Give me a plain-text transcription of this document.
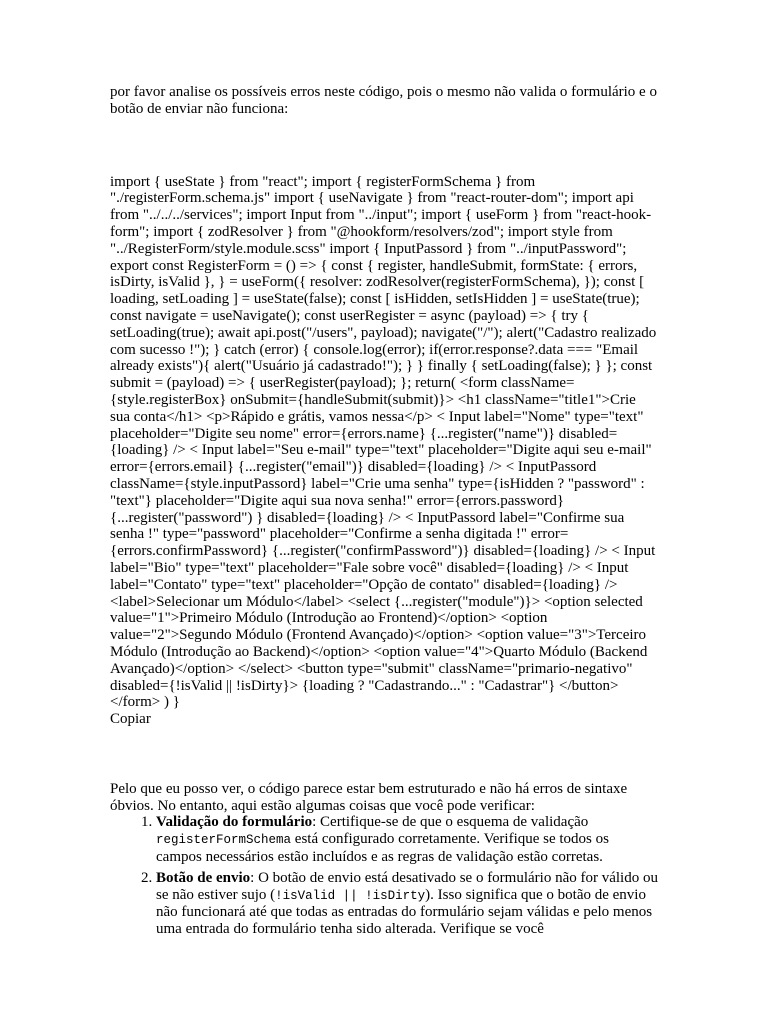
por favor analise os possíveis erros neste código, pois o mesmo não valida o formulário e o botão de enviar não funciona:

import { useState } from "react"; import { registerFormSchema } from "./registerForm.schema.js" import { useNavigate } from "react-router-dom"; import api from "../../../services"; import Input from "../input"; import { useForm } from "react-hook-form"; import { zodResolver } from "@hookform/resolvers/zod"; import style from "../RegisterForm/style.module.scss" import { InputPassord } from "../inputPassword"; export const RegisterForm = () => { const { register, handleSubmit, formState: { errors, isDirty, isValid }, } = useForm({ resolver: zodResolver(registerFormSchema), }); const [ loading, setLoading ] = useState(false); const [ isHidden, setIsHidden ] = useState(true); const navigate = useNavigate(); const userRegister = async (payload) => { try { setLoading(true); await api.post("/users", payload); navigate("/"); alert("Cadastro realizado com sucesso !"); } catch (error) { console.log(error); if(error.response?.data === "Email already exists"){ alert("Usuário já cadastrado!"); } } finally { setLoading(false); } }; const submit = (payload) => { userRegister(payload); }; return( <form className={style.registerBox} onSubmit={handleSubmit(submit)}> <h1 className="title1">Crie sua conta</h1> <p>Rápido e grátis, vamos nessa</p> < Input label="Nome" type="text" placeholder="Digite seu nome" error={errors.name} {...register("name")} disabled={loading} /> < Input label="Seu e-mail" type="text" placeholder="Digite aqui seu e-mail" error={errors.email} {...register("email")} disabled={loading} /> < InputPassord className={style.inputPassord} label="Crie uma senha" type={isHidden ? "password" : "text"} placeholder="Digite aqui sua nova senha!" error={errors.password} {...register("password") } disabled={loading} /> < InputPassord label="Confirme sua senha !" type="password" placeholder="Confirme a senha digitada !" error={errors.confirmPassword} {...register("confirmPassword")} disabled={loading} /> < Input label="Bio" type="text" placeholder="Fale sobre você" disabled={loading} /> < Input label="Contato" type="text" placeholder="Opção de contato" disabled={loading} /> <label>Selecionar um Módulo</label> <select {...register("module")}> <option selected value="1">Primeiro Módulo (Introdução ao Frontend)</option> <option value="2">Segundo Módulo (Frontend Avançado)</option> <option value="3">Terceiro Módulo (Introdução ao Backend)</option> <option value="4">Quarto Módulo (Backend Avançado)</option> </select> <button type="submit" className="primario-negativo" disabled={!isValid || !isDirty}> {loading ? "Cadastrando..." : "Cadastrar"} </button> </form> ) }

Copiar

Pelo que eu posso ver, o código parece estar bem estruturado e não há erros de sintaxe óbvios. No entanto, aqui estão algumas coisas que você pode verificar:

1. Validação do formulário: Certifique-se de que o esquema de validação registerFormSchema está configurado corretamente. Verifique se todos os campos necessários estão incluídos e as regras de validação estão corretas.
2. Botão de envio: O botão de envio está desativado se o formulário não for válido ou se não estiver sujo (!isValid || !isDirty). Isso significa que o botão de envio não funcionará até que todas as entradas do formulário sejam válidas e pelo menos uma entrada do formulário tenha sido alterada. Verifique se você
